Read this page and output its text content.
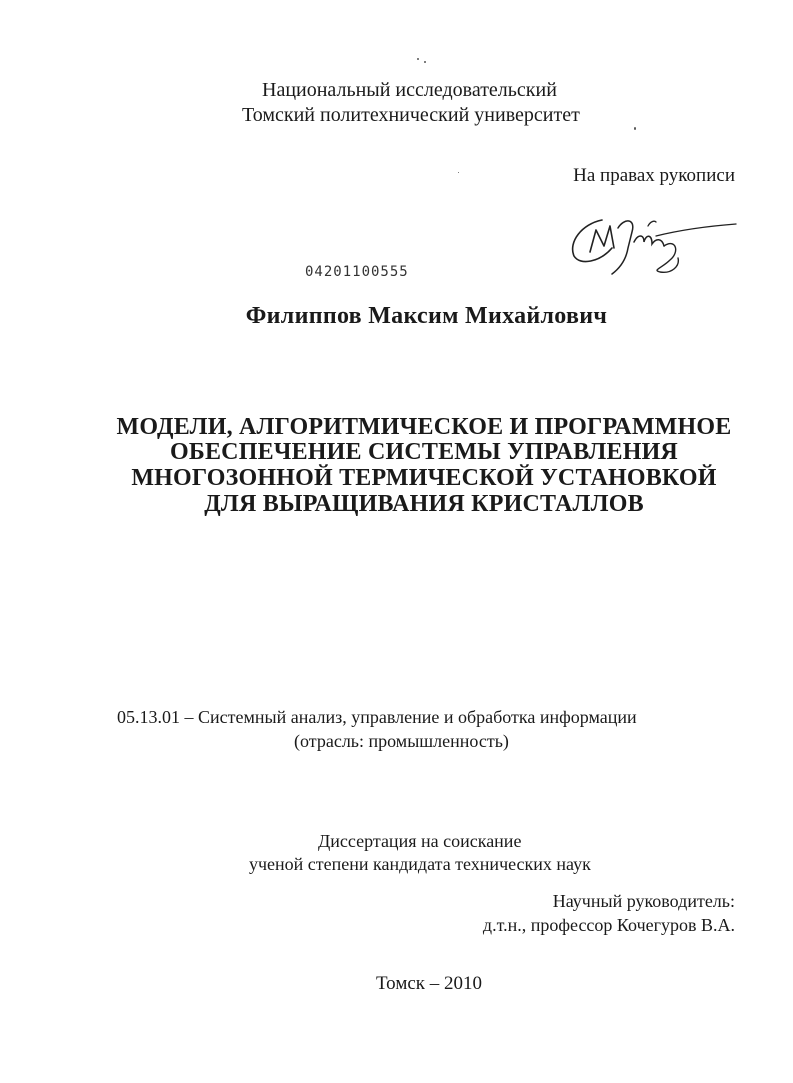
Национальный исследовательский
Томский политехнический университет
На правах рукописи
04201100555
Филиппов Максим Михайлович
МОДЕЛИ, АЛГОРИТМИЧЕСКОЕ И ПРОГРАММНОЕ
ОБЕСПЕЧЕНИЕ СИСТЕМЫ УПРАВЛЕНИЯ
МНОГОЗОННОЙ ТЕРМИЧЕСКОЙ УСТАНОВКОЙ
ДЛЯ ВЫРАЩИВАНИЯ КРИСТАЛЛОВ
05.13.01 – Системный анализ, управление и обработка информации
(отрасль: промышленность)
Диссертация на соискание
ученой степени кандидата технических наук
Научный руководитель:
д.т.н., профессор Кочегуров В.А.
Томск – 2010
